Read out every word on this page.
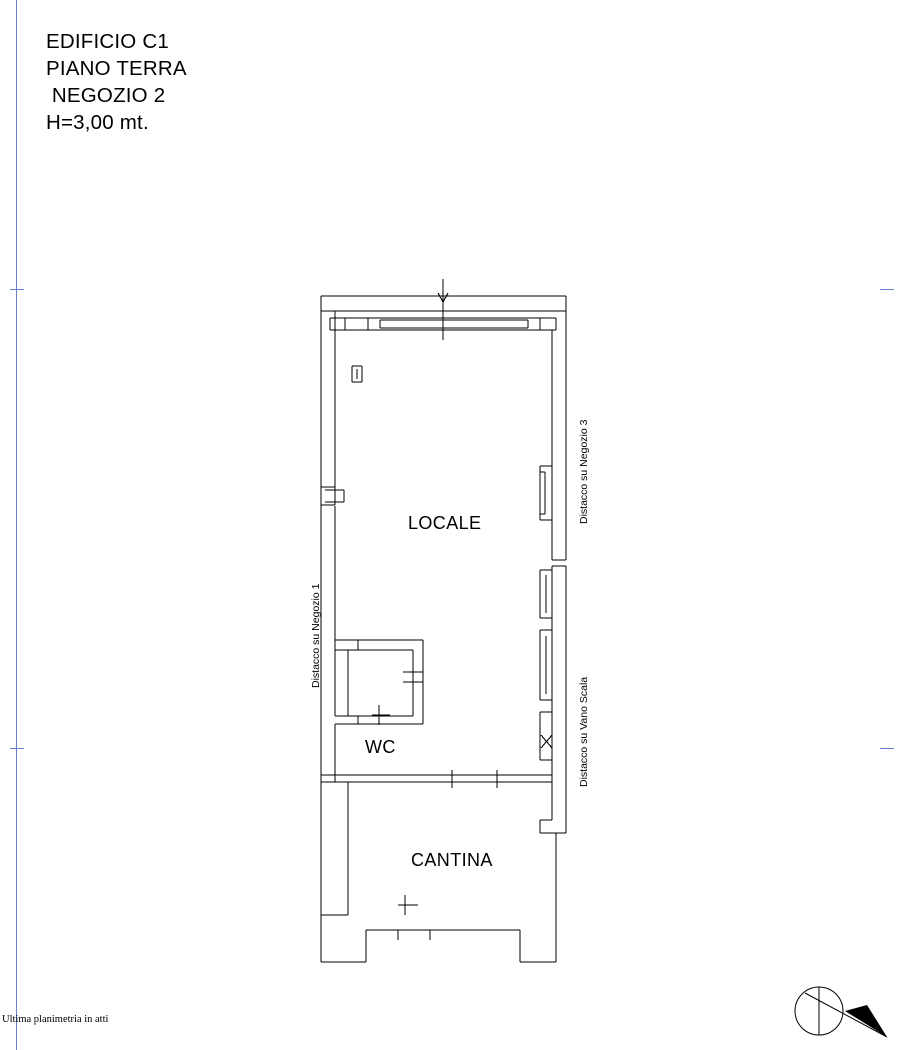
EDIFICIO C1
PIANO TERRA
NEGOZIO 2
H=3,00 mt.
LOCALE
WC
CANTINA
Distacco su Negozio 1
Distacco su Negozio 3
Distacco su Vano Scala
Ultima planimetria in atti
